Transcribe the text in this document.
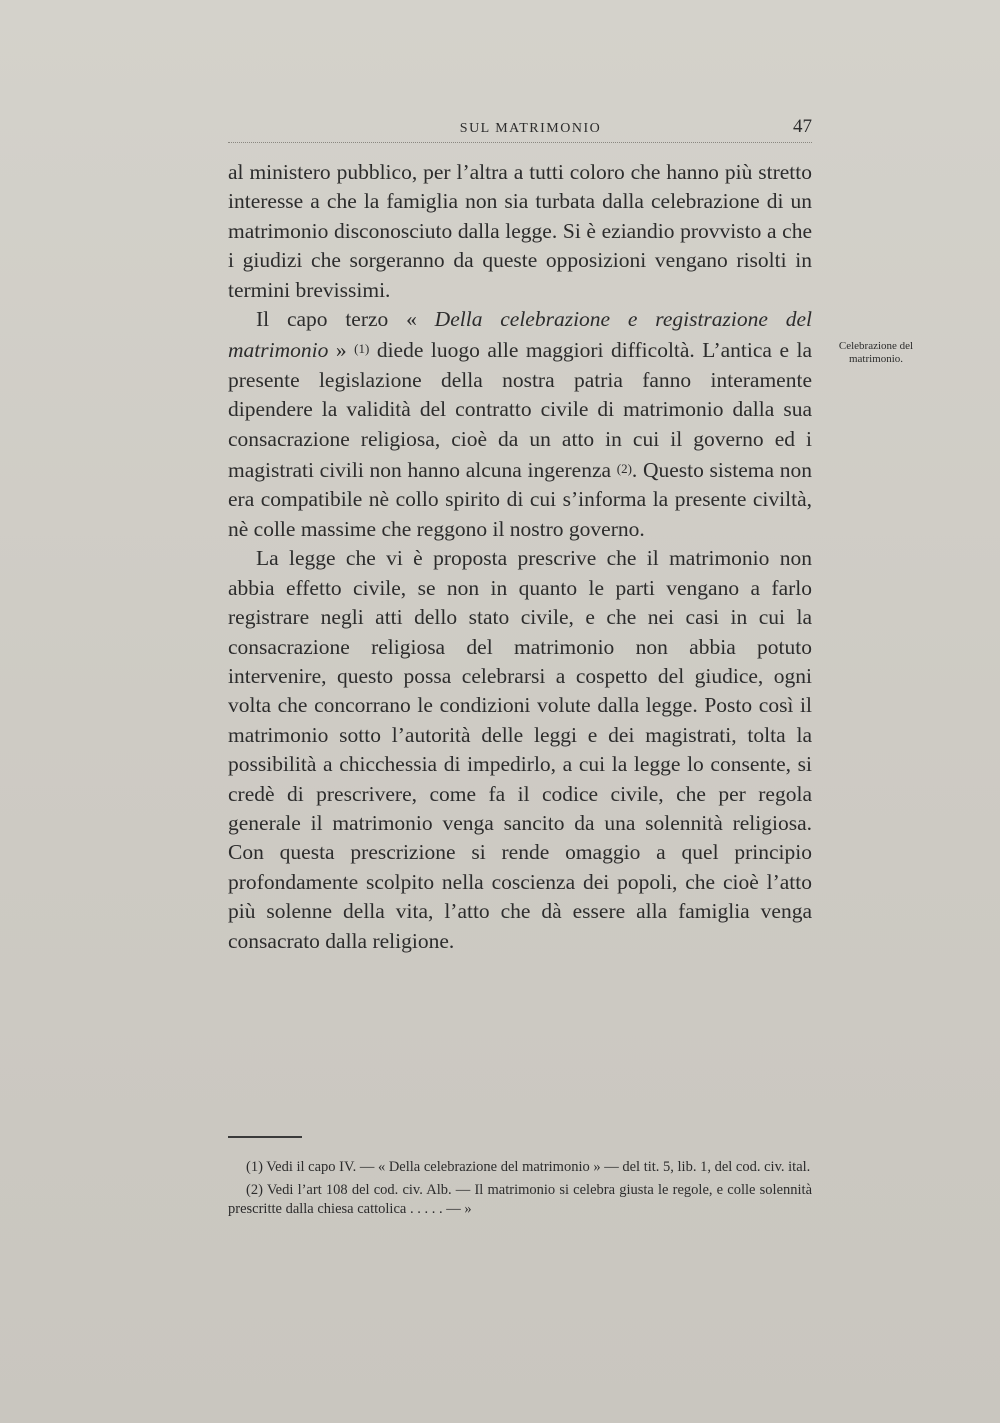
SUL MATRIMONIO	47

al ministero pubblico, per l’altra a tutti coloro che hanno più stretto interesse a che la famiglia non sia turbata dalla celebrazione di un matrimonio disconosciuto dalla legge. Si è eziandio provvisto a che i giudizi che sorgeranno da queste opposizioni vengano risolti in termini brevissimi.

Il capo terzo « Della celebrazione e registrazione del matrimonio » $^{(1)}$ diede luogo alle maggiori difficoltà. L’antica e la presente legislazione della nostra patria fanno interamente dipendere la validità del contratto civile di matrimonio dalla sua consacrazione religiosa, cioè da un atto in cui il governo ed i magistrati civili non hanno alcuna ingerenza $^{(2)}$. Questo sistema non era compatibile nè collo spirito di cui s’informa la presente civiltà, nè colle massime che reggono il nostro governo.

La legge che vi è proposta prescrive che il matrimonio non abbia effetto civile, se non in quanto le parti vengano a farlo registrare negli atti dello stato civile, e che nei casi in cui la consacrazione religiosa del matrimonio non abbia potuto intervenire, questo possa celebrarsi a cospetto del giudice, ogni volta che concorrano le condizioni volute dalla legge. Posto così il matrimonio sotto l’autorità delle leggi e dei magistrati, tolta la possibilità a chicchessia di impedirlo, a cui la legge lo consente, si credè di prescrivere, come fa il codice civile, che per regola generale il matrimonio venga sancito da una solennità religiosa. Con questa prescrizione si rende omaggio a quel principio profondamente scolpito nella coscienza dei popoli, che cioè l’atto più solenne della vita, l’atto che dà essere alla famiglia venga consacrato dalla religione.

Celebrazione del matrimonio.

(1) Vedi il capo IV. — « Della celebrazione del matrimonio » — del tit. 5, lib. 1, del cod. civ. ital.

(2) Vedi l’art 108 del cod. civ. Alb. — Il matrimonio si celebra giusta le regole, e colle solennità prescritte dalla chiesa cattolica . . . . . — »
